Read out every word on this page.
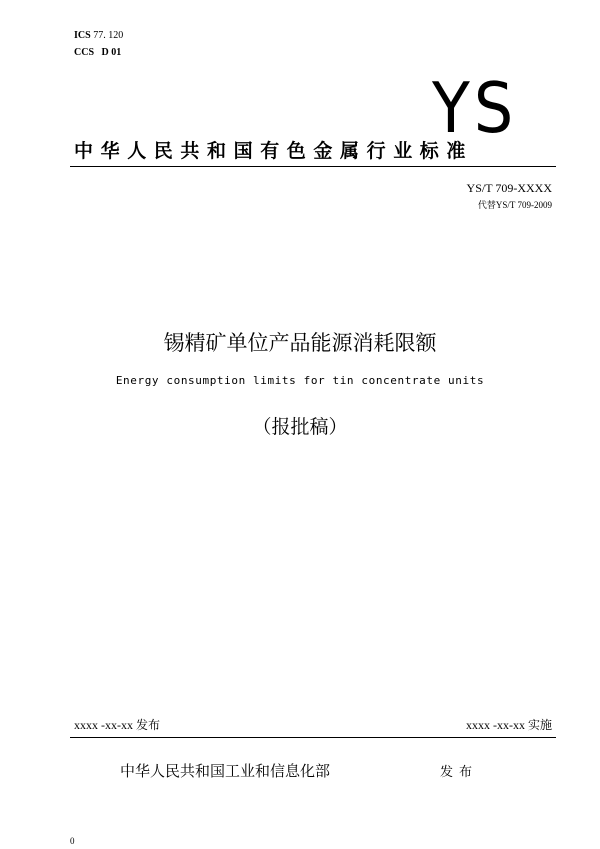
ICS 77. 120
CCS D 01
YS
中华人民共和国有色金属行业标准
YS/T 709-XXXX
代替YS/T 709-2009
锡精矿单位产品能源消耗限额
Energy consumption limits for tin concentrate units
（报批稿）
xxxx -xx-xx 发布	xxxx -xx-xx 实施
中华人民共和国工业和信息化部	发布
0
